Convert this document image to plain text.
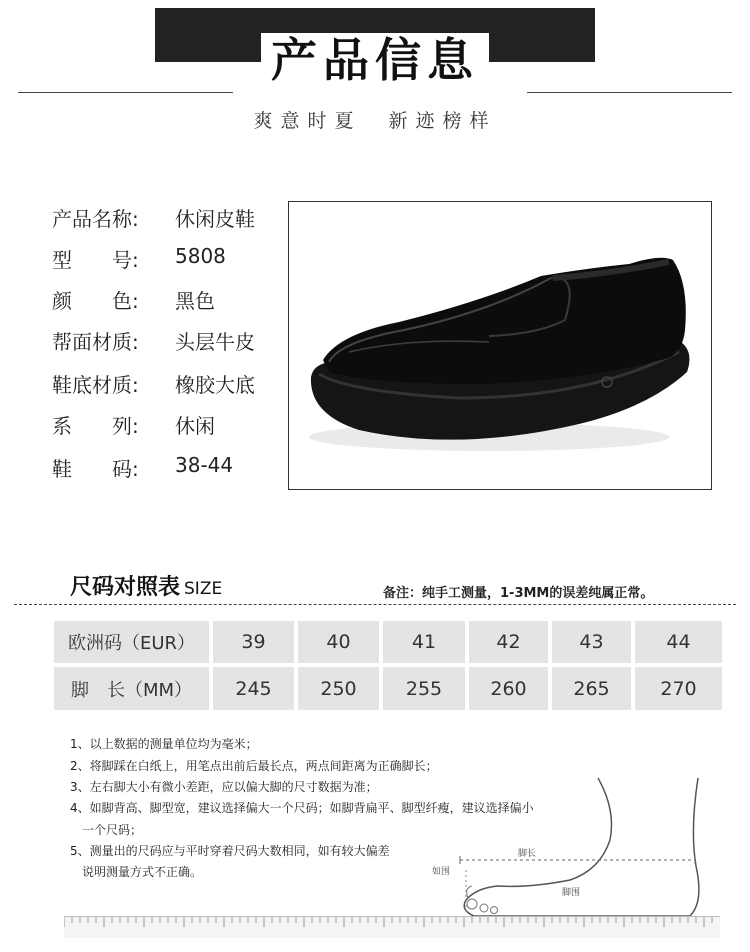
产品信息
爽意时夏　新迹榜样
产品名称:	休闲皮鞋
型　　号:	5808
颜　　色:	黑色
帮面材质:	头层牛皮
鞋底材质:	橡胶大底
系　　列:	休闲
鞋　　码:	38-44
尺码对照表 SIZE	备注：纯手工测量，1-3MM的误差纯属正常。
欧洲码（EUR）	39	40	41	42	43	44
脚　长（MM）	245	250	255	260	265	270
1、以上数据的测量单位均为毫米；
2、将脚踩在白纸上，用笔点出前后最长点，两点间距离为正确脚长；
3、左右脚大小有微小差距，应以偏大脚的尺寸数据为准；
4、如脚背高、脚型宽，建议选择偏大一个尺码；如脚背扁平、脚型纤瘦，建议选择偏小
　一个尺码；
5、测量出的尺码应与平时穿着尺码大数相同，如有较大偏差
　说明测量方式不正确。
脚长
如围
脚围
